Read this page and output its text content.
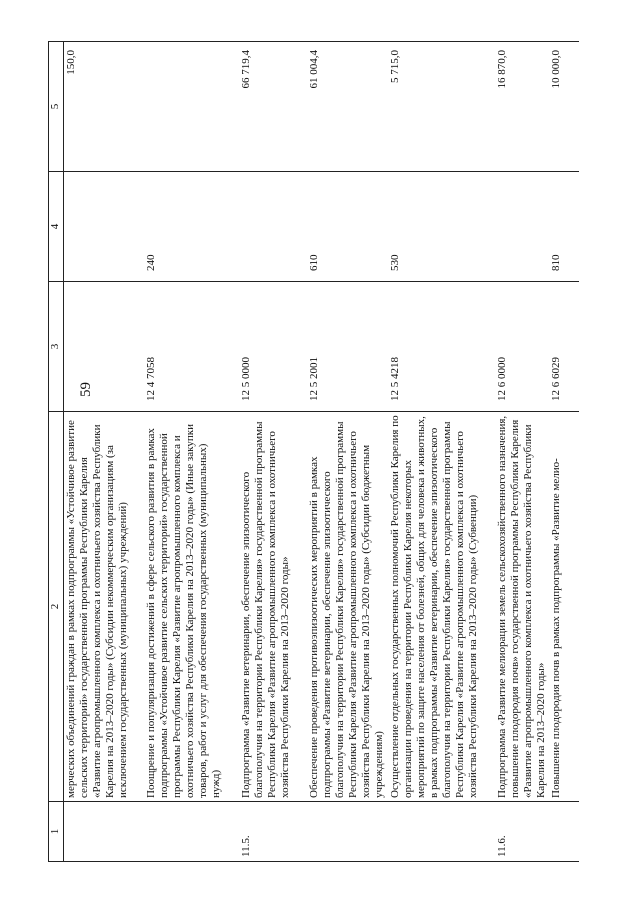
59
1	2	3	4	5
	мерческих объединений граждан в рамках подпрограммы «Устойчивое развитие сельских территорий» государственной программы Республики Карелия «Развитие агропромышленного комплекса и охотничьего хозяйства Республики Карелия на 2013–2020 годы» (Субсидии некоммерческим организациям (за исключением государственных (муниципальных) учреждений)			150,0
	Поощрение и популяризация достижений в сфере сельского развития в рамках подпрограммы «Устойчивое развитие сельских территорий» государственной программы Республики Карелия «Развитие агропромышленного комплекса и охотничьего хозяйства Республики Карелия на 2013–2020 годы» (Иные закупки товаров, работ и услуг для обеспечения государственных (муниципальных) нужд)	12 4 7058	240	
11.5.	Подпрограмма «Развитие ветеринарии, обеспечение эпизоотического благополучия на территории Республики Карелия» государственной программы Республики Карелия «Развитие агропромышленного комплекса и охотничьего хозяйства Республики Карелия на 2013–2020 годы»	12 5 0000		66 719,4
	Обеспечение проведения противоэпизоотических мероприятий в рамках подпрограммы «Развитие ветеринарии, обеспечение эпизоотического благополучия на территории Республики Карелия» государственной программы Республики Карелия «Развитие агропромышленного комплекса и охотничьего хозяйства Республики Карелия на 2013–2020 годы» (Субсидии бюджетным учреждениям)	12 5 2001	610	61 004,4
	Осуществление отдельных государственных полномочий Республики Карелия по организации проведения на территории Республики Карелия некоторых мероприятий по защите населения от болезней, общих для человека и животных, в рамках подпрограммы «Развитие ветеринарии, обеспечение эпизоотического благополучия на территории Республики Карелия» государственной программы Республики Карелия «Развитие агропромышленного комплекса и охотничьего хозяйства Республики Карелия на 2013–2020 годы» (Субвенции)	12 5 4218	530	5 715,0
11.6.	Подпрограмма «Развитие мелиорации земель сельскохозяйственного назначения, повышение плодородия почв» государственной программы Республики Карелия «Развитие агропромышленного комплекса и охотничьего хозяйства Республики Карелия на 2013–2020 годы»	12 6 0000		16 870,0
	Повышение плодородия почв в рамках подпрограммы «Развитие мелио-	12 6 6029	810	10 000,0
